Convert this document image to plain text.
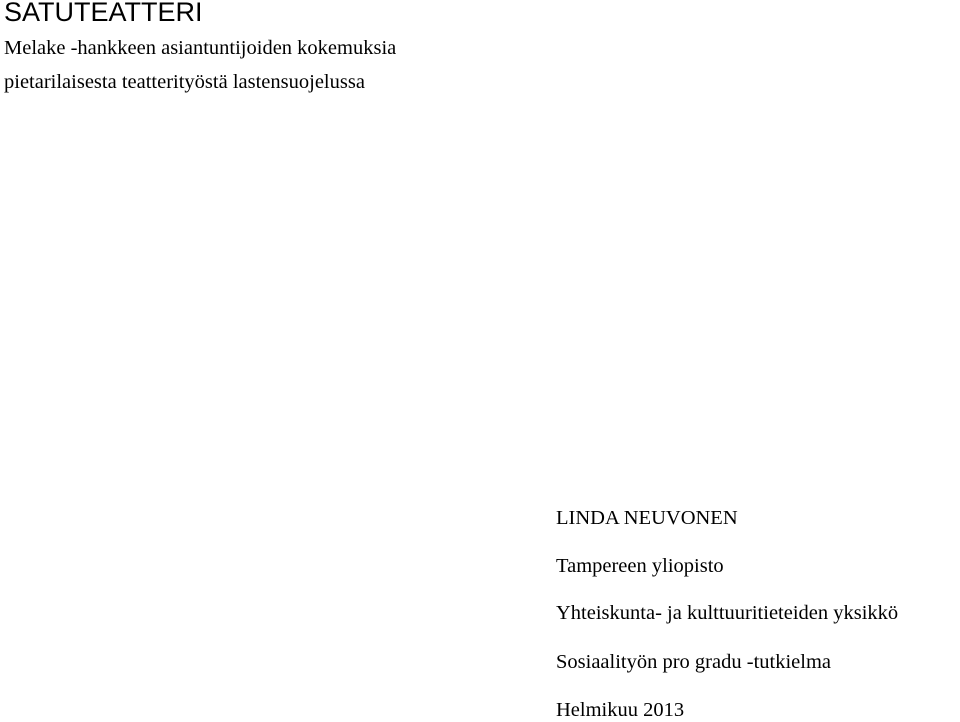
SATUTEATTERI
Melake -hankkeen asiantuntijoiden kokemuksia
pietarilaisesta teatterityöstä lastensuojelussa
LINDA NEUVONEN
Tampereen yliopisto
Yhteiskunta- ja kulttuuritieteiden yksikkö
Sosiaalityön pro gradu -tutkielma
Helmikuu 2013
